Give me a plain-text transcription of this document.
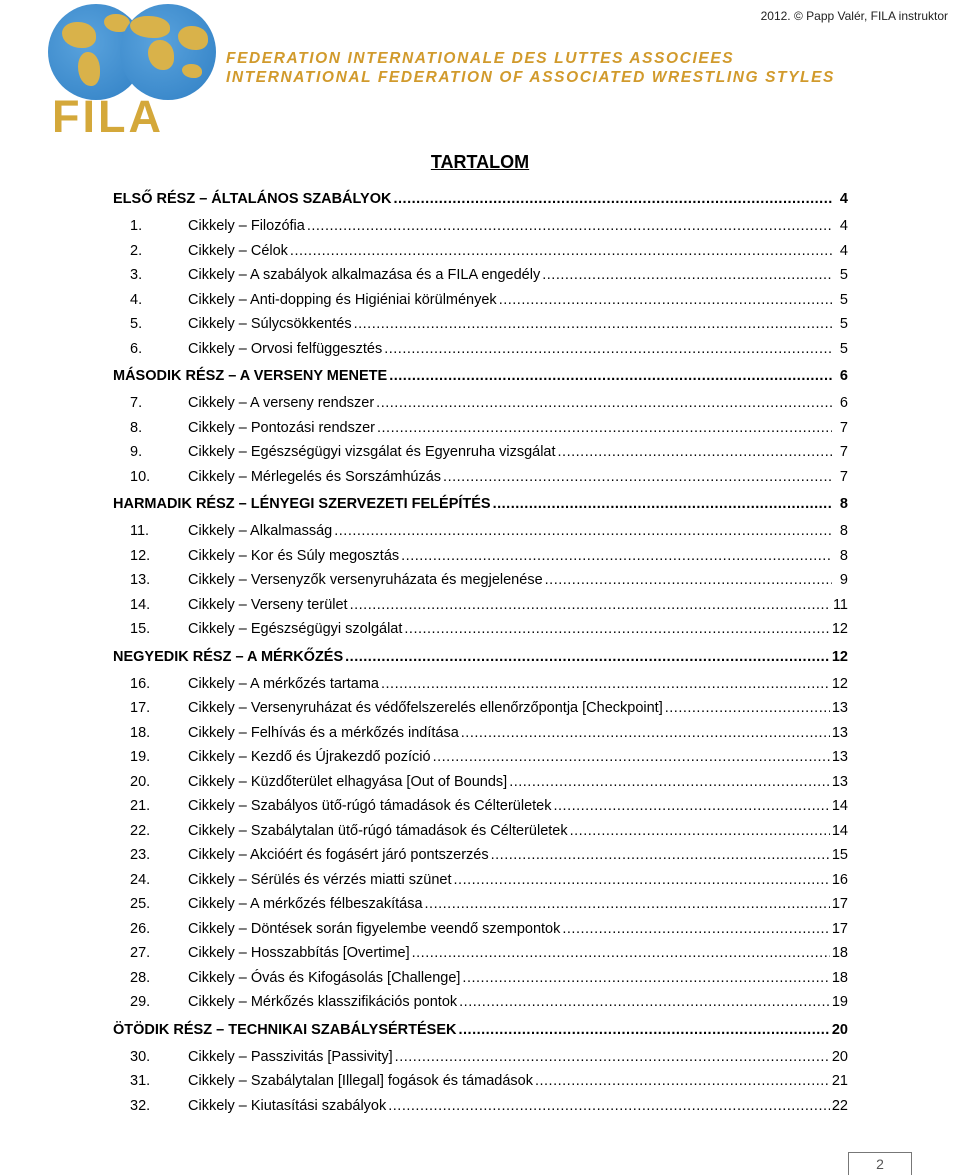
2012. © Papp Valér, FILA instruktor
FILA
FEDERATION INTERNATIONALE DES LUTTES ASSOCIEES
INTERNATIONAL FEDERATION OF ASSOCIATED WRESTLING STYLES
TARTALOM
ELSŐ RÉSZ – ÁLTALÁNOS SZABÁLYOK .....	4
1.	Cikkely – Filozófia .....	4
2.	Cikkely – Célok .....	4
3.	Cikkely – A szabályok alkalmazása és a FILA engedély .....	5
4.	Cikkely – Anti-dopping és Higiéniai körülmények .....	5
5.	Cikkely – Súlycsökkentés .....	5
6.	Cikkely – Orvosi felfüggesztés .....	5
MÁSODIK RÉSZ – A VERSENY MENETE .....	6
7.	Cikkely – A verseny rendszer .....	6
8.	Cikkely – Pontozási rendszer .....	7
9.	Cikkely – Egészségügyi vizsgálat és Egyenruha vizsgálat .....	7
10.	Cikkely – Mérlegelés és Sorszámhúzás .....	7
HARMADIK RÉSZ – LÉNYEGI SZERVEZETI FELÉPÍTÉS .....	8
11.	Cikkely – Alkalmasság .....	8
12.	Cikkely – Kor és Súly megosztás .....	8
13.	Cikkely – Versenyzők versenyruházata és megjelenése .....	9
14.	Cikkely – Verseny terület .....	11
15.	Cikkely – Egészségügyi szolgálat .....	12
NEGYEDIK RÉSZ – A MÉRKŐZÉS .....	12
16.	Cikkely – A mérkőzés tartama .....	12
17.	Cikkely – Versenyruházat és védőfelszerelés ellenőrzőpontja [Checkpoint] .....	13
18.	Cikkely – Felhívás és a mérkőzés indítása .....	13
19.	Cikkely – Kezdő és Újrakezdő pozíció .....	13
20.	Cikkely – Küzdőterület elhagyása [Out of Bounds] .....	13
21.	Cikkely – Szabályos ütő-rúgó támadások és Célterületek .....	14
22.	Cikkely – Szabálytalan ütő-rúgó támadások és Célterületek .....	14
23.	Cikkely – Akcióért és fogásért járó pontszerzés .....	15
24.	Cikkely – Sérülés és vérzés miatti szünet .....	16
25.	Cikkely – A mérkőzés félbeszakítása .....	17
26.	Cikkely – Döntések során figyelembe veendő szempontok .....	17
27.	Cikkely – Hosszabbítás [Overtime] .....	18
28.	Cikkely – Óvás és Kifogásolás [Challenge] .....	18
29.	Cikkely – Mérkőzés klasszifikációs pontok .....	19
ÖTÖDIK RÉSZ – TECHNIKAI SZABÁLYSÉRTÉSEK .....	20
30.	Cikkely – Passzivitás [Passivity] .....	20
31.	Cikkely – Szabálytalan [Illegal] fogások és támadások .....	21
32.	Cikkely – Kiutasítási szabályok .....	22
2
